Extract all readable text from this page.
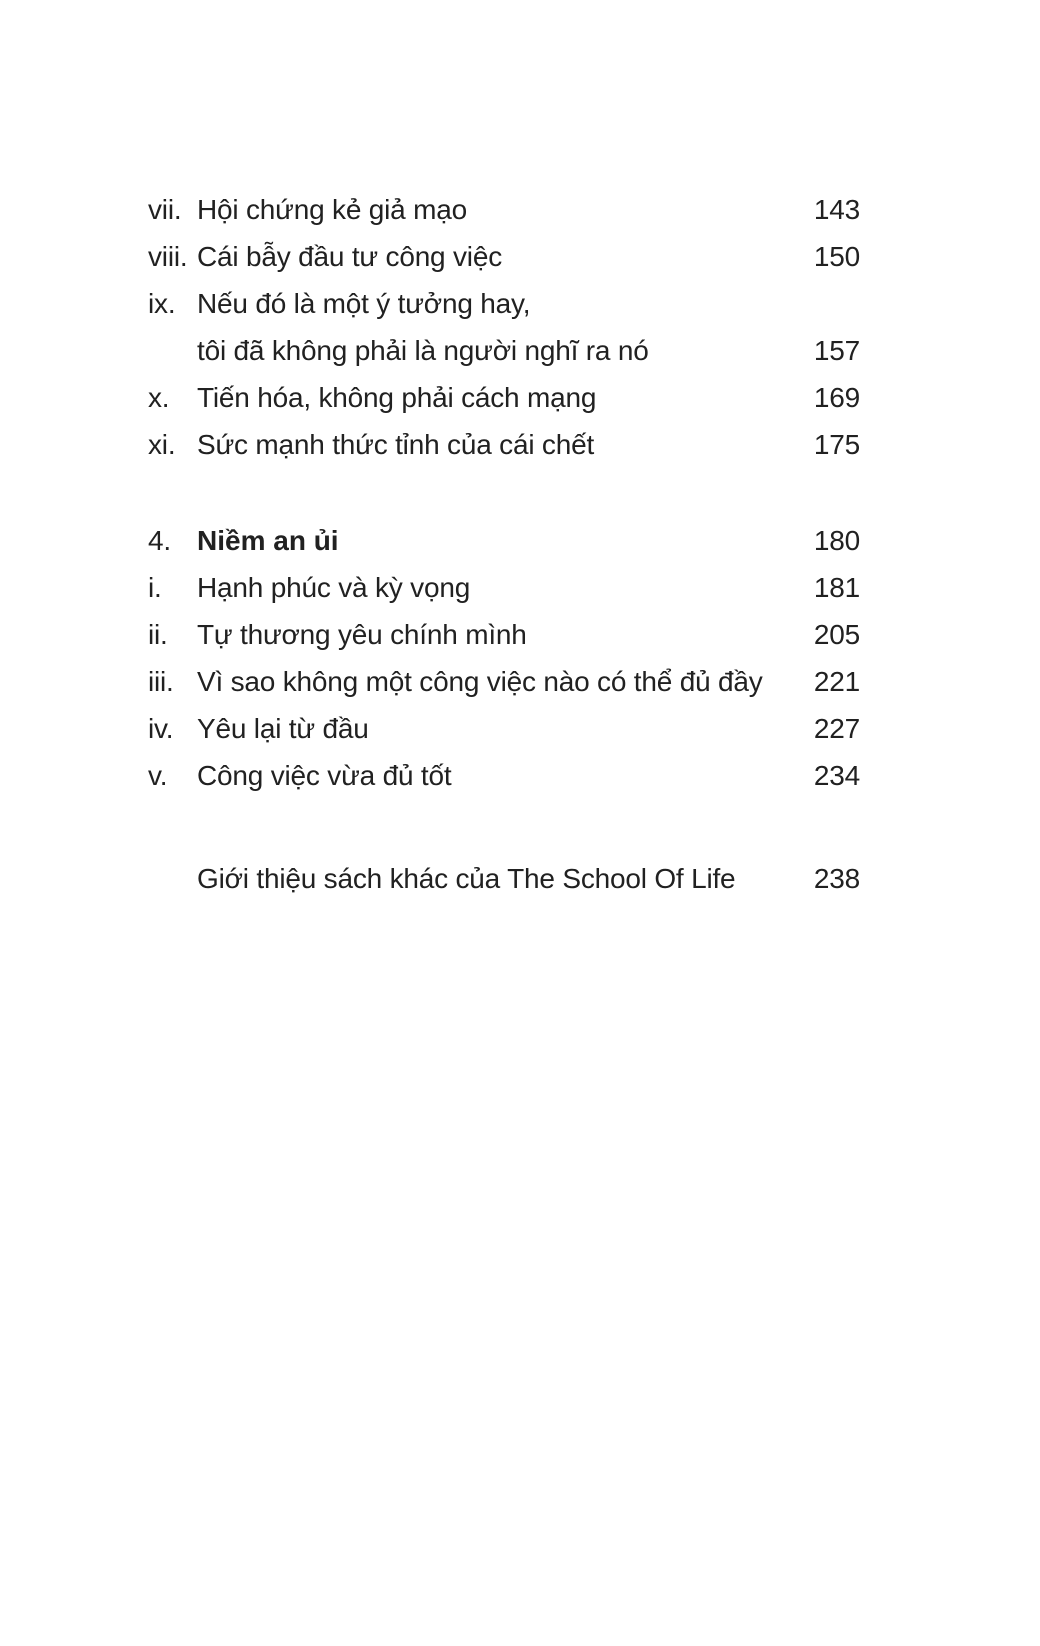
vii. Hội chứng kẻ giả mạo	143
viii. Cái bẫy đầu tư công việc	150
ix. Nếu đó là một ý tưởng hay,
tôi đã không phải là người nghĩ ra nó	157
x. Tiến hóa, không phải cách mạng	169
xi. Sức mạnh thức tỉnh của cái chết	175
4. Niềm an ủi	180
i.	Hạnh phúc và kỳ vọng	181
ii.	Tự thương yêu chính mình	205
iii. Vì sao không một công việc nào có thể đủ đầy	221
iv. Yêu lại từ đầu	227
v.	Công việc vừa đủ tốt	234
Giới thiệu sách khác của The School Of Life	238
